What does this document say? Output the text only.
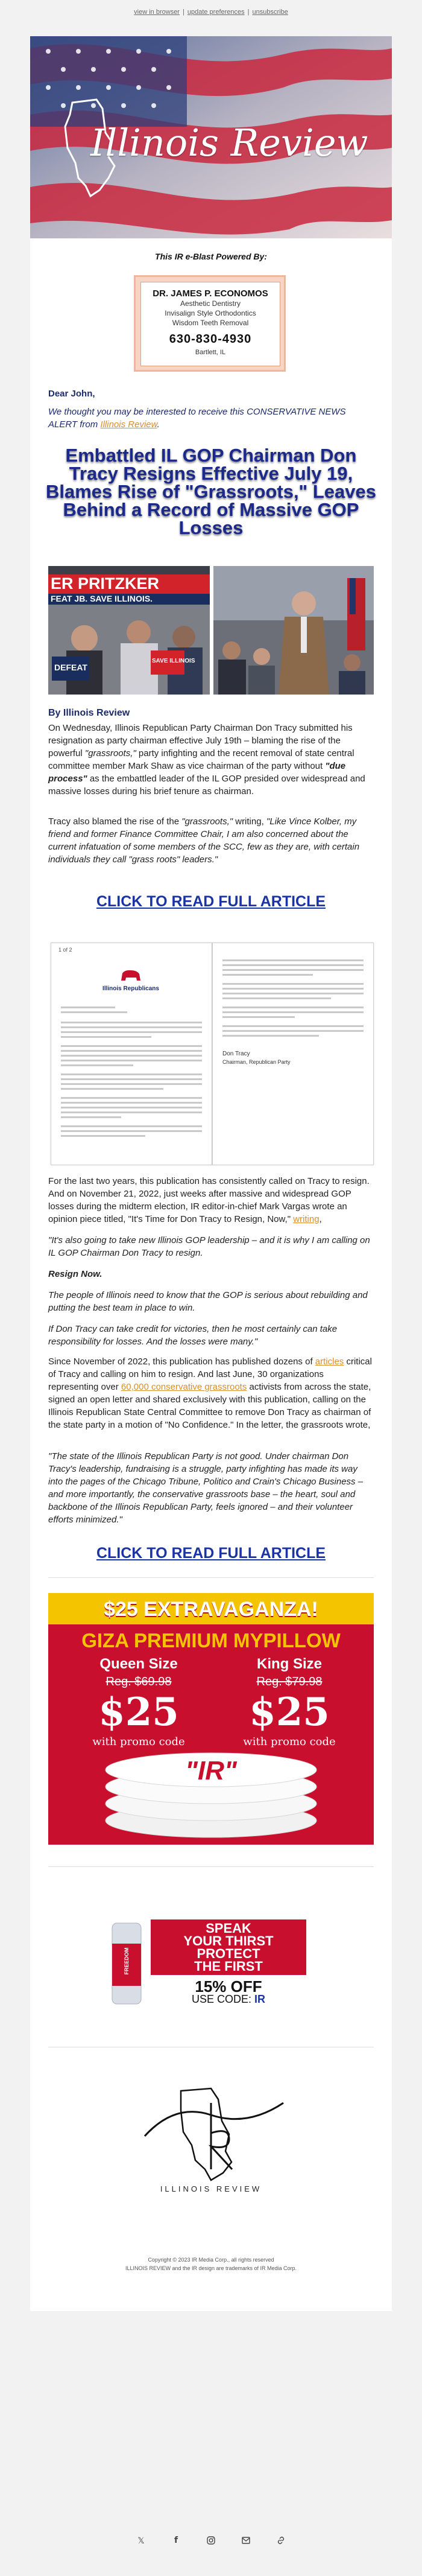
view in browser | update preferences | unsubscribe
Illinois Review
This IR e-Blast Powered By:
DR. JAMES P. ECONOMOS
Aesthetic Dentistry
Invisalign Style Orthodontics
Wisdom Teeth Removal
630-830-4930
Bartlett, IL
Dear John,
We thought you may be interested to receive this CONSERVATIVE NEWS ALERT from Illinois Review.
Embattled IL GOP Chairman Don Tracy Resigns Effective July 19, Blames Rise of "Grassroots," Leaves Behind a Record of Massive GOP Losses
ER PRITZKER
FEAT JB. SAVE ILLINOIS.
DEFEAT
SAVE ILLINOIS
By Illinois Review

On Wednesday, Illinois Republican Party Chairman Don Tracy submitted his resignation as party chairman effective July 19th – blaming the rise of the powerful "grassroots," party infighting and the recent removal of state central committee member Mark Shaw as vice chairman of the party without "due process" as the embattled leader of the IL GOP presided over widespread and massive losses during his brief tenure as chairman.

Tracy also blamed the rise of the "grassroots," writing, "Like Vince Kolber, my friend and former Finance Committee Chair, I am also concerned about the current infatuation of some members of the SCC, few as they are, with certain individuals they call "grass roots" leaders."

CLICK TO READ FULL ARTICLE
1 of 2
Illinois Republicans
Don Tracy
Chairman, Republican Party

For the last two years, this publication has consistently called on Tracy to resign. And on November 21, 2022, just weeks after massive and widespread GOP losses during the midterm election, IR editor-in-chief Mark Vargas wrote an opinion piece titled, "It's Time for Don Tracy to Resign, Now," writing,

"It's also going to take new Illinois GOP leadership – and it is why I am calling on IL GOP Chairman Don Tracy to resign.
Resign Now.
The people of Illinois need to know that the GOP is serious about rebuilding and putting the best team in place to win.
If Don Tracy can take credit for victories, then he most certainly can take responsibility for losses. And the losses were many."

Since November of 2022, this publication has published dozens of articles critical of Tracy and calling on him to resign. And last June, 30 organizations representing over 60,000 conservative grassroots activists from across the state, signed an open letter and shared exclusively with this publication, calling on the Illinois Republican State Central Committee to remove Don Tracy as chairman of the state party in a motion of "No Confidence." In the letter, the grassroots wrote,

"The state of the Illinois Republican Party is not good. Under chairman Don Tracy's leadership, fundraising is a struggle, party infighting has made its way into the pages of the Chicago Tribune, Politico and Crain's Chicago Business – and more importantly, the conservative grassroots base – the heart, soul and backbone of the Illinois Republican Party, feels ignored – and their volunteer efforts minimized."
CLICK TO READ FULL ARTICLE
$25 EXTRAVAGANZA!
GIZA PREMIUM MYPILLOW
Queen Size	King Size
Reg. $69.98	Reg. $79.98
$25	$25
with promo code	with promo code
"IR"
FREEDOM
SPEAK
YOUR THIRST
PROTECT
THE FIRST
15% OFF
USE CODE: IR
ILLINOIS REVIEW
Copyright © 2023 IR Media Corp., all rights reserved
ILLINOIS REVIEW and the IR design are trademarks of IR Media Corp.
𝕏	f
